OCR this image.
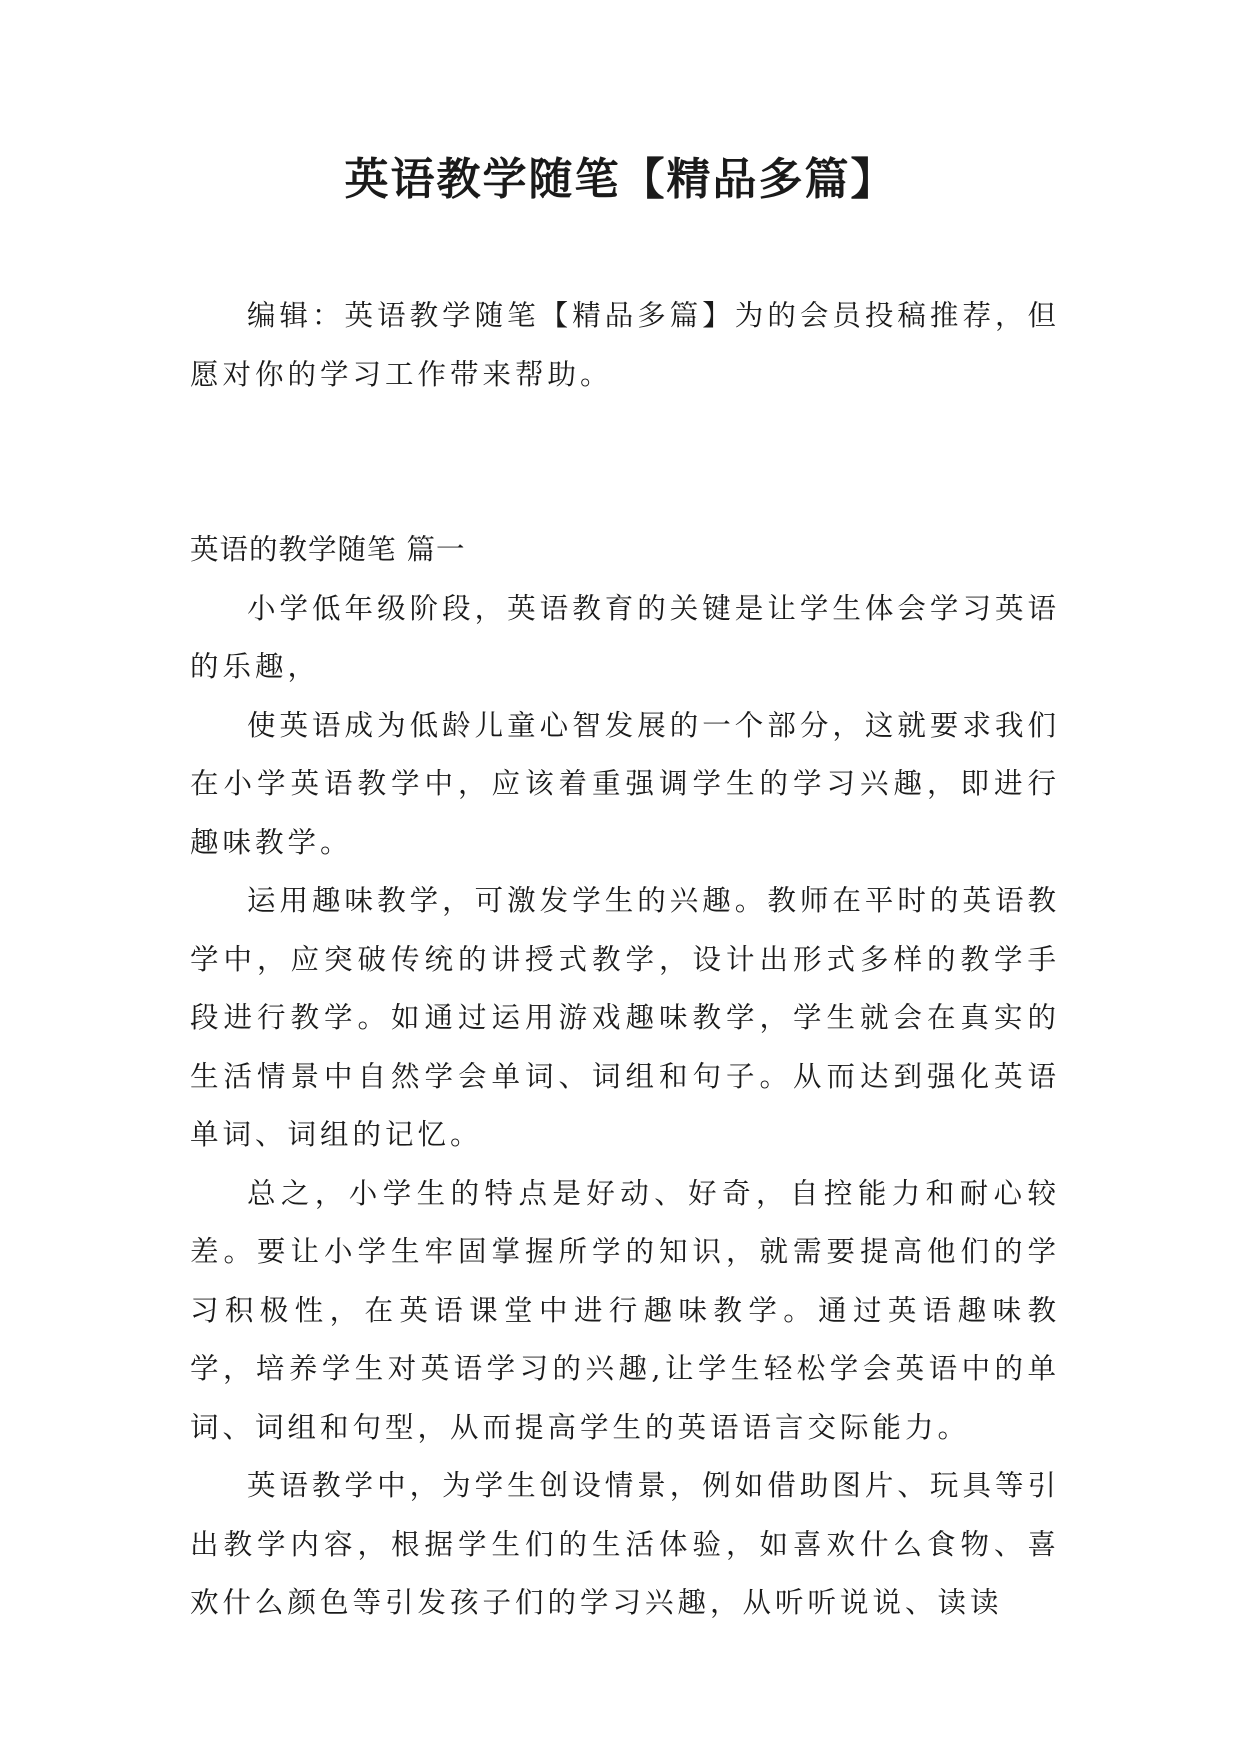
英语教学随笔【精品多篇】

编辑：英语教学随笔【精品多篇】为的会员投稿推荐，但愿对你的学习工作带来帮助。

英语的教学随笔 篇一

小学低年级阶段，英语教育的关键是让学生体会学习英语的乐趣，

使英语成为低龄儿童心智发展的一个部分，这就要求我们在小学英语教学中，应该着重强调学生的学习兴趣，即进行趣味教学。

运用趣味教学，可激发学生的兴趣。教师在平时的英语教学中，应突破传统的讲授式教学，设计出形式多样的教学手段进行教学。如通过运用游戏趣味教学，学生就会在真实的生活情景中自然学会单词、词组和句子。从而达到强化英语单词、词组的记忆。

总之，小学生的特点是好动、好奇，自控能力和耐心较差。要让小学生牢固掌握所学的知识，就需要提高他们的学习积极性，在英语课堂中进行趣味教学。通过英语趣味教学，培养学生对英语学习的兴趣,让学生轻松学会英语中的单词、词组和句型，从而提高学生的英语语言交际能力。

英语教学中，为学生创设情景，例如借助图片、玩具等引出教学内容，根据学生们的生活体验，如喜欢什么食物、喜欢什么颜色等引发孩子们的学习兴趣，从听听说说、读读
